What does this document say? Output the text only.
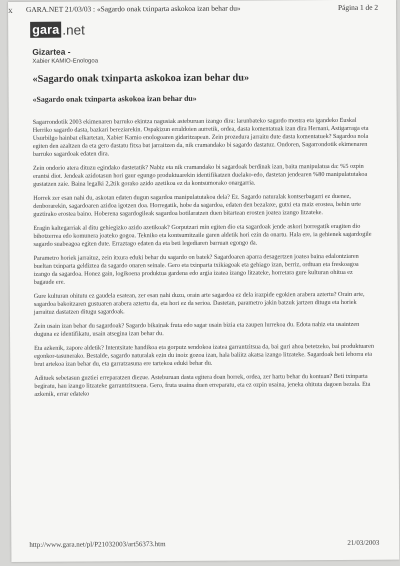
x GARA.NET 21/03/03 : «Sagardo onak txinparta askokoa izan behar du»	Página 1 de 2
gara .net
Gizartea -
Xabier KAMIO-Enologoa
«Sagardo onak txinparta askokoa izan behar du»
«Sagardo onak txinparta askokoa izan behar du»

Sagarrondotik 2003 ekimenaren barruko ekintza nagusiak asteburuan izango dira: larunbateko sagardo mostra eta igandeko Euskal Herriko sagardo dasta, bazkari bereziarekin. Ospakizun erraldoien aurretik, ordea, dasta komentatuak izan dira Hernani, Astigarraga eta Usurbilgo hainbat elkartetan, Xabier Kamio enologoaren gidaritzapean. Zein prozedura jarraitu dute dasta komentatuek? Sagardoa nola egiten den azaltzen da eta gero dastatu fitxa bat jarraitzen da, nik cramandako bi sagardo dastatuz. Ondoren, Sagarrondotik ekimenaren barruko sagardoak edaten dira.

Zein ondorio atera dituzu egindako dastetatik? Nabiz eta nik cramandako bi sagardoak berdinak izan, baita manipulatua da: %5 ozpin erantsi diot. Jendeak azidotasun hori gaur egungo produktuarekin identifikatzen duelako-edo, dastetan jendearen %80 manipulatutakoa gustatzen zaie. Baina legalki 2,2tik gorako azido azetikoa ez da kontsumorako onargarria.

Horrek zer esan nahi du, askotan edaten dugun sagardoa manipulatutakoa dela? Ez. Sagardo naturalak kontserbagarri ez duenez, denborarekin, sagardoaren azidoa igotzen doa. Horregatik, hobe da sagardoa, edaten den bezalaxe, gutxi eta maiz erostea, behin urte guztirako erostea baino. Hoberena sagardogileak sagardoa botilaratzen duen bitartean erosten joatea izango litzateke.

Eragin kaltegarriak al ditu gehiegizko azido azetikoak? Gorputzari min egiten dio eta sagardoak jende askori horregatik eragiten dio bihotzerrea edo komunera joateko gogoa. Tekniko eta kontsumitzaile garen aldetik hori ezin da onartu. Hala ere, ia gehienek sagardogile sagardo suabeagoa egiten dute. Erraztago edaten da eta beti legediaren barruan egongo da.

Parametro horiek jarraituz, zein itxura eduki behar du sagardo on batek? Sagardoaren aparra desagertzen joatea baina edalontziaren bueltan txinparta geldiztea da sagardo onaren seinale. Gero eta txinparta txikiagoak eta gehiago izan, berriz, ordtuan eta freskoagoa izango da sagardoa. Honez gain, logikoena produktua gardena edo argia izatea izango litzateke, horretara gure kulturan ohitua ez bagaude ere.

Gure kulturan ohitutu ez gaudela esatean, zer esan nahi duzu, orain arte sagardoa ez dela irazpide egokien arabera aztertu? Orain arte, sagardoa bakoitzaren gustuaren arabera aztertu da, eta hori ez da serioa. Dastetan, parametro jakin batzuk jartzen ditugu eta horiek jarraituz dastatzen ditugu sagardoak.

Zein usain izan behar du sagardoak? Sagardo bikainak fruta edo sagar usain bizia eta zaupen lurrekoa du. Edota nahiz eta usaintzen duguna ez identifikatu, usain atsegina izan behar du.

Eta azkenik, zapore aldetik? Intentsitate handikoa eta gorputz sendokoa izatea garrantzitsua da, bai guri ahoa betetzeko, bai produktuaren egonkor-tasunerako. Bestalde, sagardo naturalak ezin du inoiz gozoa izan, hala baliitz akatsa izango litzateke. Sagardoak beti lehorra eta brut artekoa izan behar du, eta garratzasuna ere tartekoa eduki behar du.

Adituek sebetasun guztiei erreparatzen diezue. Asteburuan dasta egitera doan horrek, ordea, zer hartu behar du kontuan? Beti txinparta begiratu, hau izango litzateke garrantzitsuena. Gero, fruta usaina duen erreparatu, eta ez ozpin usaina, jeneka ohituta dagoen bezala. Eta azkenik, errar edateko

http://www.gara.net/pl/P21032003/art56373.htm	21/03/2003
